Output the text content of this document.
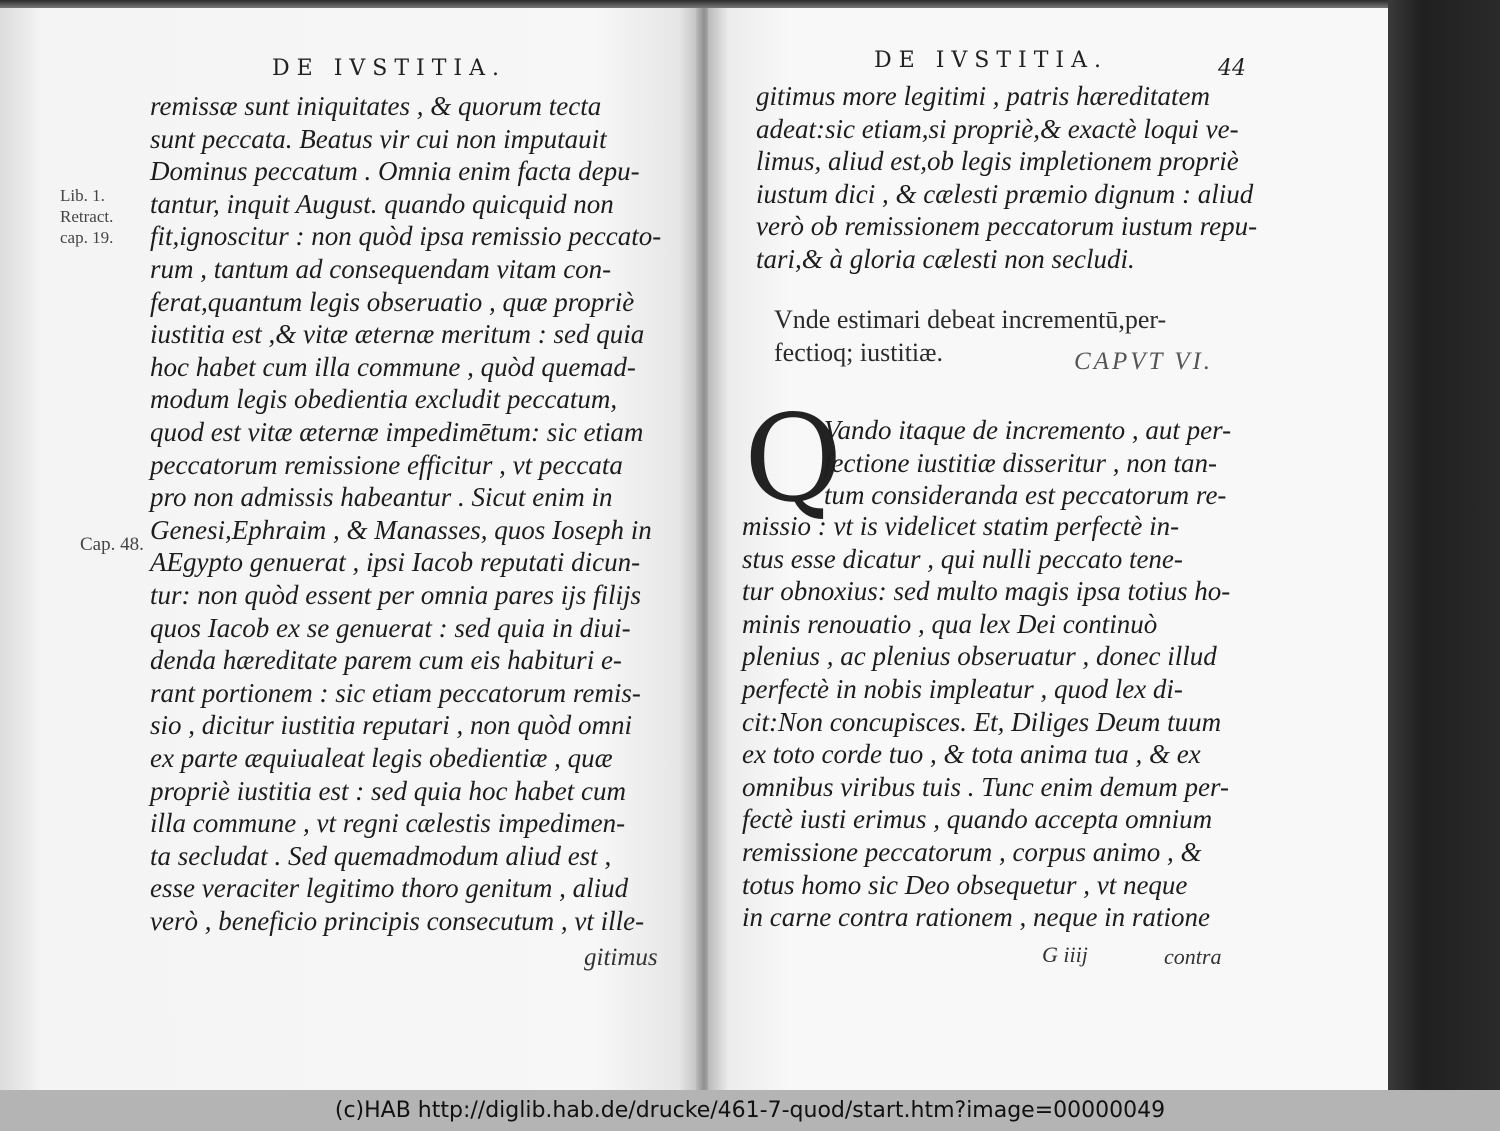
DE IVSTITIA.
Lib. 1.
Retract.
cap. 19.
Cap. 48.
remissæ sunt iniquitates , & quorum tecta
sunt peccata. Beatus vir cui non imputauit
Dominus peccatum . Omnia enim facta depu-
tantur, inquit August. quando quicquid non
fit,ignoscitur : non quòd ipsa remissio peccato-
rum , tantum ad consequendam vitam con-
ferat,quantum legis obseruatio , quæ propriè
iustitia est ,& vitæ æternæ meritum : sed quia
hoc habet cum illa commune , quòd quemad-
modum legis obedientia excludit peccatum,
quod est vitæ æternæ impedimētum: sic etiam
peccatorum remissione efficitur , vt peccata
pro non admissis habeantur . Sicut enim in
Genesi,Ephraim , & Manasses, quos Ioseph in
AEgypto genuerat , ipsi Iacob reputati dicun-
tur: non quòd essent per omnia pares ijs filijs
quos Iacob ex se genuerat : sed quia in diui-
denda hæreditate parem cum eis habituri e-
rant portionem : sic etiam peccatorum remis-
sio , dicitur iustitia reputari , non quòd omni
ex parte æquiualeat legis obedientiæ , quæ
propriè iustitia est : sed quia hoc habet cum
illa commune , vt regni cælestis impedimen-
ta secludat . Sed quemadmodum aliud est ,
esse veraciter legitimo thoro genitum , aliud
verò , beneficio principis consecutum , vt ille-
gitimus
DE IVSTITIA.	44
gitimus more legitimi , patris hæreditatem
adeat:sic etiam,si propriè,& exactè loqui ve-
limus, aliud est,ob legis impletionem propriè
iustum dici , & cælesti præmio dignum : aliud
verò ob remissionem peccatorum iustum repu-
tari,& à gloria cælesti non secludi.
Vnde estimari debeat incrementū,per-
fectioq; iustitiæ.	CAPVT VI.
Q
Vando itaque de incremento , aut per-
fectione iustitiæ disseritur , non tan-
tum consideranda est peccatorum re-
missio : vt is videlicet statim perfectè in-
stus esse dicatur , qui nulli peccato tene-
tur obnoxius: sed multo magis ipsa totius ho-
minis renouatio , qua lex Dei continuò
plenius , ac plenius obseruatur , donec illud
perfectè in nobis impleatur , quod lex di-
cit:Non concupisces. Et, Diliges Deum tuum
ex toto corde tuo , & tota anima tua , & ex
omnibus viribus tuis . Tunc enim demum per-
fectè iusti erimus , quando accepta omnium
remissione peccatorum , corpus animo , &
totus homo sic Deo obsequetur , vt neque
in carne contra rationem , neque in ratione
G iiij	contra
(c)HAB http://diglib.hab.de/drucke/461-7-quod/start.htm?image=00000049
